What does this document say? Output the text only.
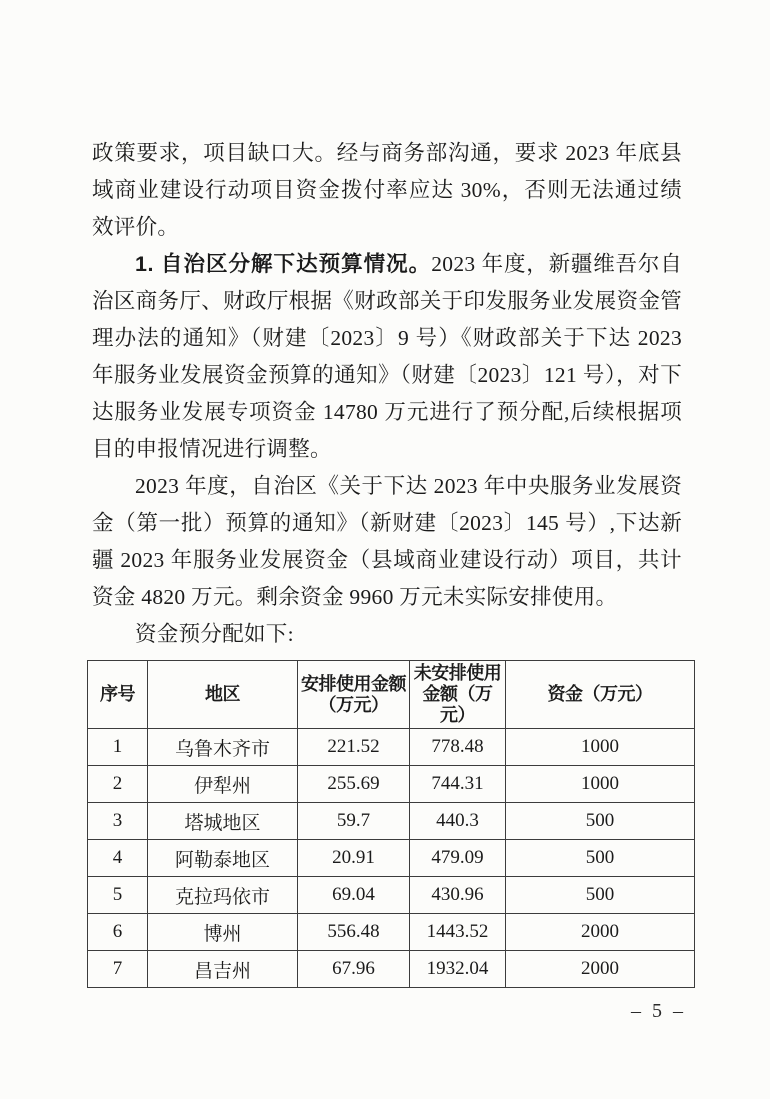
政策要求，项目缺口大。经与商务部沟通，要求 2023 年底县域商业建设行动项目资金拨付率应达 30%，否则无法通过绩效评价。

1. 自治区分解下达预算情况。2023 年度，新疆维吾尔自治区商务厅、财政厅根据《财政部关于印发服务业发展资金管理办法的通知》（财建〔2023〕9 号）《财政部关于下达 2023 年服务业发展资金预算的通知》（财建〔2023〕121 号），对下达服务业发展专项资金 14780 万元进行了预分配,后续根据项目的申报情况进行调整。

2023 年度，自治区《关于下达 2023 年中央服务业发展资金（第一批）预算的通知》（新财建〔2023〕145 号）,下达新疆 2023 年服务业发展资金（县域商业建设行动）项目，共计资金 4820 万元。剩余资金 9960 万元未实际安排使用。

资金预分配如下:

序号	地区	安排使用金额（万元）	未安排使用金额（万元）	资金（万元）
1	乌鲁木齐市	221.52	778.48	1000
2	伊犁州	255.69	744.31	1000
3	塔城地区	59.7	440.3	500
4	阿勒泰地区	20.91	479.09	500
5	克拉玛依市	69.04	430.96	500
6	博州	556.48	1443.52	2000
7	昌吉州	67.96	1932.04	2000
– 5 –
